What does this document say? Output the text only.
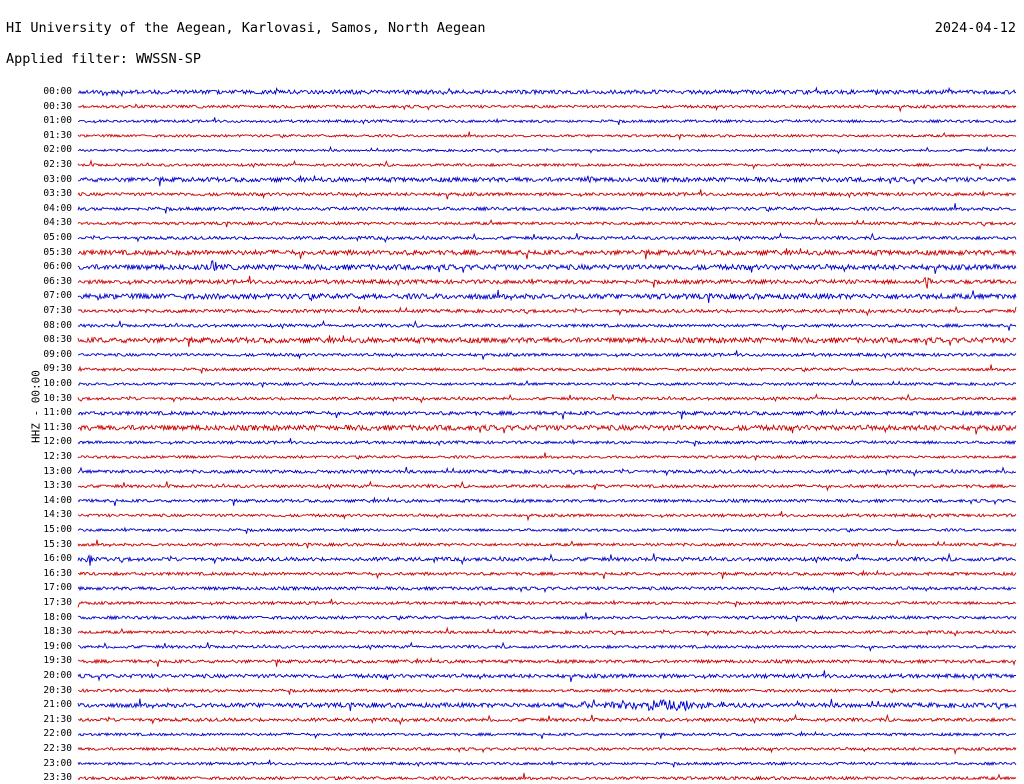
HI University of the Aegean, Karlovasi, Samos, North Aegean	2024-04-12
Applied filter: WWSSN-SP
HHZ - 00:00
00:00
00:30
01:00
01:30
02:00
02:30
03:00
03:30
04:00
04:30
05:00
05:30
06:00
06:30
07:00
07:30
08:00
08:30
09:00
09:30
10:00
10:30
11:00
11:30
12:00
12:30
13:00
13:30
14:00
14:30
15:00
15:30
16:00
16:30
17:00
17:30
18:00
18:30
19:00
19:30
20:00
20:30
21:00
21:30
22:00
22:30
23:00
23:30
